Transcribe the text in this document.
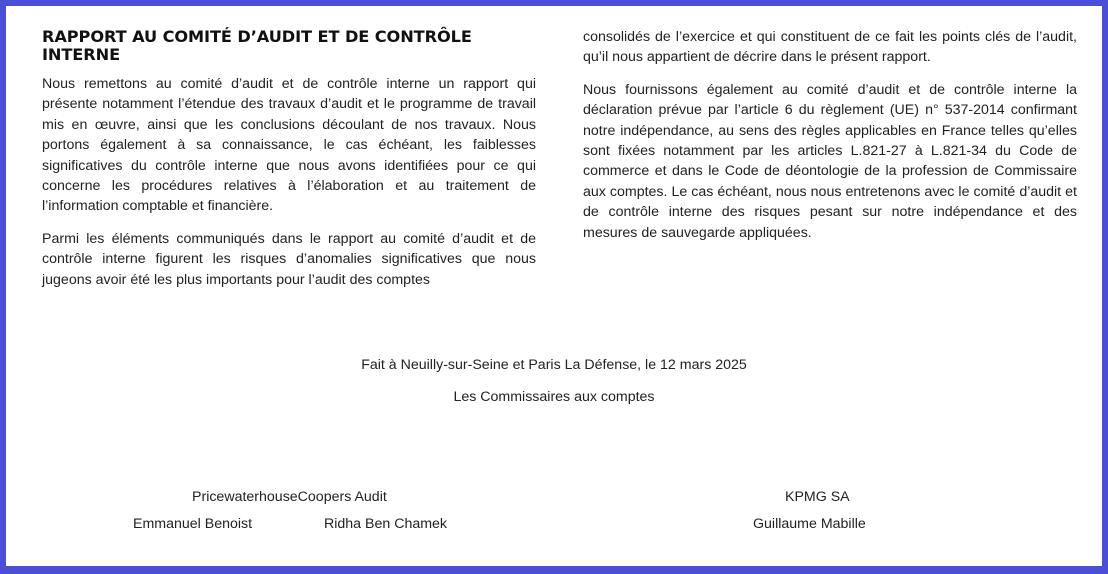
RAPPORT AU COMITÉ D’AUDIT ET DE CONTRÔLE INTERNE

Nous remettons au comité d’audit et de contrôle interne un rapport qui présente notamment l’étendue des travaux d’audit et le programme de travail mis en œuvre, ainsi que les conclusions découlant de nos travaux. Nous portons également à sa connaissance, le cas échéant, les faiblesses significatives du contrôle interne que nous avons identifiées pour ce qui concerne les procédures relatives à l’élaboration et au traitement de l’information comptable et financière.

Parmi les éléments communiqués dans le rapport au comité d’audit et de contrôle interne figurent les risques d’anomalies significatives que nous jugeons avoir été les plus importants pour l’audit des comptes

consolidés de l’exercice et qui constituent de ce fait les points clés de l’audit, qu’il nous appartient de décrire dans le présent rapport.

Nous fournissons également au comité d’audit et de contrôle interne la déclaration prévue par l’article 6 du règlement (UE) n° 537-2014 confirmant notre indépendance, au sens des règles applicables en France telles qu’elles sont fixées notamment par les articles L.821-27 à L.821-34 du Code de commerce et dans le Code de déontologie de la profession de Commissaire aux comptes. Le cas échéant, nous nous entretenons avec le comité d’audit et de contrôle interne des risques pesant sur notre indépendance et des mesures de sauvegarde appliquées.

Fait à Neuilly-sur-Seine et Paris La Défense, le 12 mars 2025
Les Commissaires aux comptes
PricewaterhouseCoopers Audit
Emmanuel Benoist	Ridha Ben Chamek
KPMG SA
Guillaume Mabille
